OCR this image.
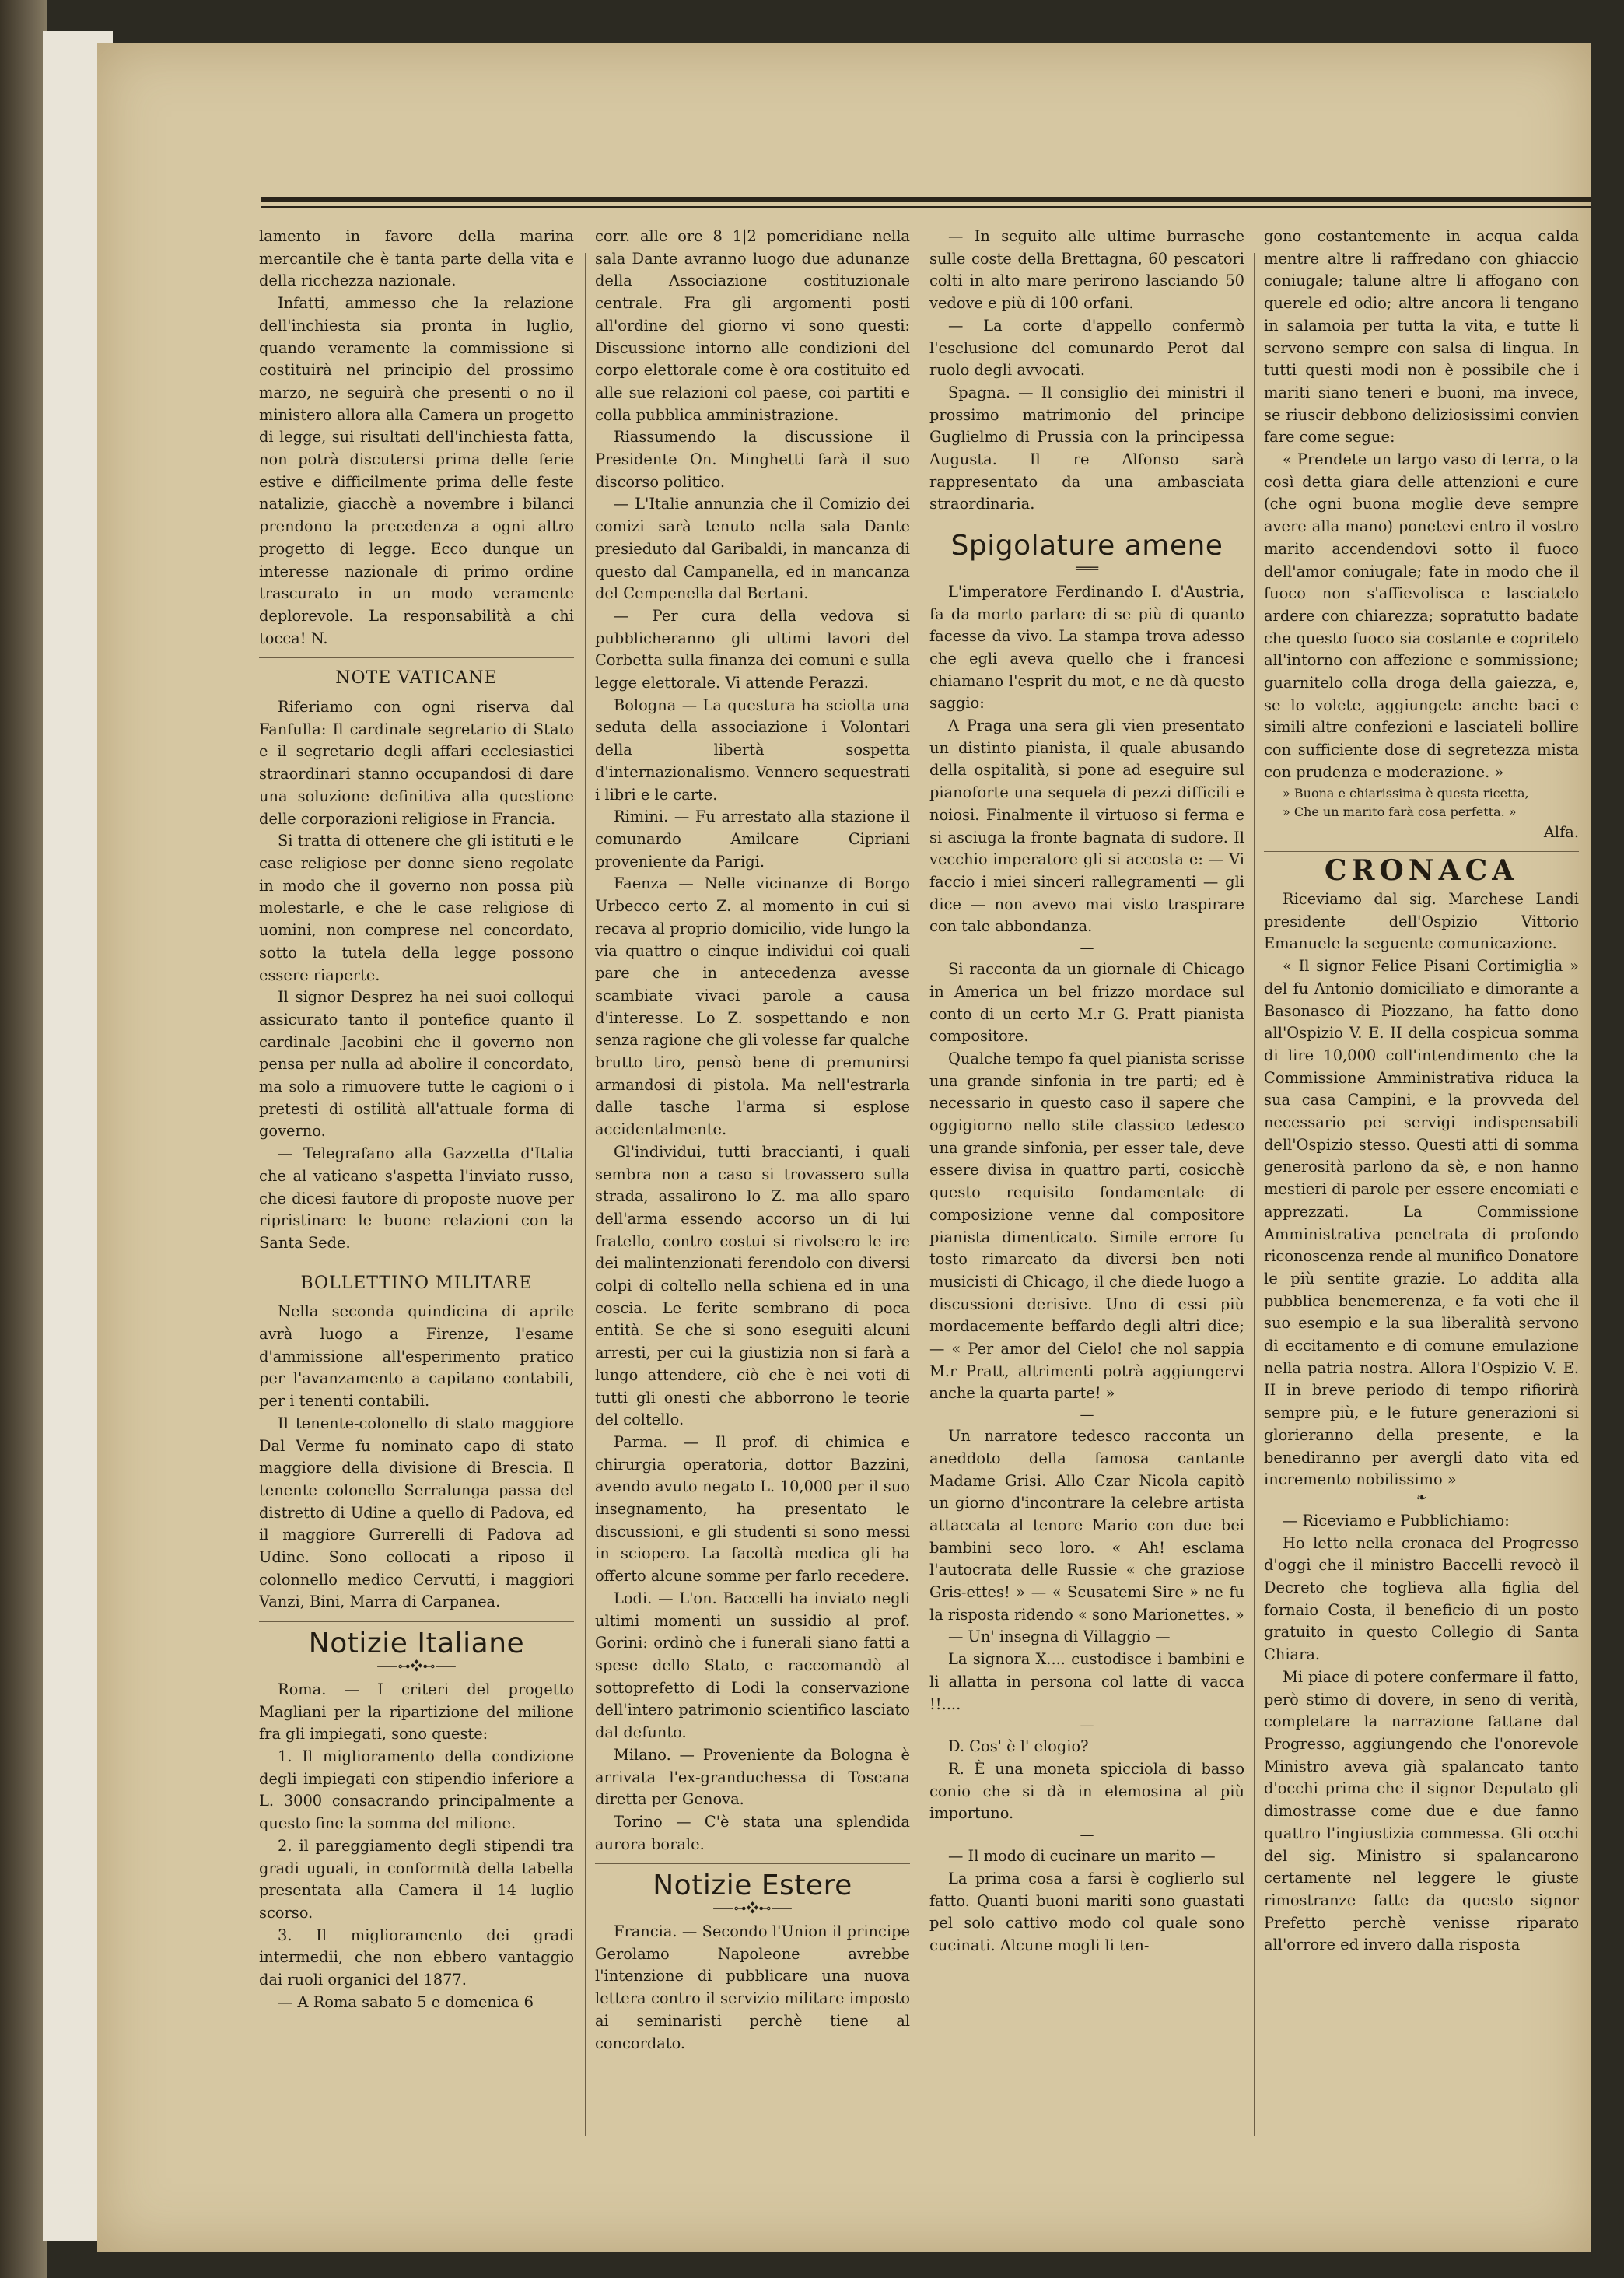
lamento in favore della marina mercantile che è tanta parte della vita e della ricchezza nazionale.

Infatti, ammesso che la relazione dell'inchiesta sia pronta in luglio, quando veramente la commissione si costituirà nel principio del prossimo marzo, ne seguirà che presenti o no il ministero allora alla Camera un progetto di legge, sui risultati dell'inchiesta fatta, non potrà discutersi prima delle ferie estive e difficilmente prima delle feste natalizie, giacchè a novembre i bilanci prendono la precedenza a ogni altro progetto di legge. Ecco dunque un interesse nazionale di primo ordine trascurato in un modo veramente deplorevole. La responsabilità a chi tocca! N.

NOTE VATICANE

Riferiamo con ogni riserva dal Fanfulla: Il cardinale segretario di Stato e il segretario degli affari ecclesiastici straordinari stanno occupandosi di dare una soluzione definitiva alla questione delle corporazioni religiose in Francia.

Si tratta di ottenere che gli istituti e le case religiose per donne sieno regolate in modo che il governo non possa più molestarle, e che le case religiose di uomini, non comprese nel concordato, sotto la tutela della legge possono essere riaperte.

Il signor Desprez ha nei suoi colloqui assicurato tanto il pontefice quanto il cardinale Jacobini che il governo non pensa per nulla ad abolire il concordato, ma solo a rimuovere tutte le cagioni o i pretesti di ostilità all'attuale forma di governo.

— Telegrafano alla Gazzetta d'Italia che al vaticano s'aspetta l'inviato russo, che dicesi fautore di proposte nuove per ripristinare le buone relazioni con la Santa Sede.

BOLLETTINO MILITARE

Nella seconda quindicina di aprile avrà luogo a Firenze, l'esame d'ammissione all'esperimento pratico per l'avanzamento a capitano contabili, per i tenenti contabili.

Il tenente-colonello di stato maggiore Dal Verme fu nominato capo di stato maggiore della divisione di Brescia. Il tenente colonello Serralunga passa del distretto di Udine a quello di Padova, ed il maggiore Gurrerelli di Padova ad Udine. Sono collocati a riposo il colonnello medico Cervutti, i maggiori Vanzi, Bini, Marra di Carpanea.

Notizie Italiane
⸺⊶❖⊷⸺

Roma. — I criteri del progetto Magliani per la ripartizione del milione fra gli impiegati, sono queste:

1. Il miglioramento della condizione degli impiegati con stipendio inferiore a L. 3000 consacrando principalmente a questo fine la somma del milione.

2. il pareggiamento degli stipendi tra gradi uguali, in conformità della tabella presentata alla Camera il 14 luglio scorso.

3. Il miglioramento dei gradi intermedii, che non ebbero vantaggio dai ruoli organici del 1877.

— A Roma sabato 5 e domenica 6

corr. alle ore 8 1|2 pomeridiane nella sala Dante avranno luogo due adunanze della Associazione costituzionale centrale. Fra gli argomenti posti all'ordine del giorno vi sono questi: Discussione intorno alle condizioni del corpo elettorale come è ora costituito ed alle sue relazioni col paese, coi partiti e colla pubblica amministrazione.

Riassumendo la discussione il Presidente On. Minghetti farà il suo discorso politico.

— L'Italie annunzia che il Comizio dei comizi sarà tenuto nella sala Dante presieduto dal Garibaldi, in mancanza di questo dal Campanella, ed in mancanza del Cempenella dal Bertani.

— Per cura della vedova si pubblicheranno gli ultimi lavori del Corbetta sulla finanza dei comuni e sulla legge elettorale. Vi attende Perazzi.

Bologna — La questura ha sciolta una seduta della associazione i Volontari della libertà sospetta d'internazionalismo. Vennero sequestrati i libri e le carte.

Rimini. — Fu arrestato alla stazione il comunardo Amilcare Cipriani proveniente da Parigi.

Faenza — Nelle vicinanze di Borgo Urbecco certo Z. al momento in cui si recava al proprio domicilio, vide lungo la via quattro o cinque individui coi quali pare che in antecedenza avesse scambiate vivaci parole a causa d'interesse. Lo Z. sospettando e non senza ragione che gli volesse far qualche brutto tiro, pensò bene di premunirsi armandosi di pistola. Ma nell'estrarla dalle tasche l'arma si esplose accidentalmente.

Gl'individui, tutti braccianti, i quali sembra non a caso si trovassero sulla strada, assalirono lo Z. ma allo sparo dell'arma essendo accorso un di lui fratello, contro costui si rivolsero le ire dei malintenzionati ferendolo con diversi colpi di coltello nella schiena ed in una coscia. Le ferite sembrano di poca entità. Se che si sono eseguiti alcuni arresti, per cui la giustizia non si farà a lungo attendere, ciò che è nei voti di tutti gli onesti che abborrono le teorie del coltello.

Parma. — Il prof. di chimica e chirurgia operatoria, dottor Bazzini, avendo avuto negato L. 10,000 per il suo insegnamento, ha presentato le discussioni, e gli studenti si sono messi in sciopero. La facoltà medica gli ha offerto alcune somme per farlo recedere.

Lodi. — L'on. Baccelli ha inviato negli ultimi momenti un sussidio al prof. Gorini: ordinò che i funerali siano fatti a spese dello Stato, e raccomandò al sottoprefetto di Lodi la conservazione dell'intero patrimonio scientifico lasciato dal defunto.

Milano. — Proveniente da Bologna è arrivata l'ex-granduchessa di Toscana diretta per Genova.

Torino — C'è stata una splendida aurora borale.

Notizie Estere
⸺⊶❖⊷⸺

Francia. — Secondo l'Union il principe Gerolamo Napoleone avrebbe l'intenzione di pubblicare una nuova lettera contro il servizio militare imposto ai seminaristi perchè tiene al concordato.

— In seguito alle ultime burrasche sulle coste della Brettagna, 60 pescatori colti in alto mare perirono lasciando 50 vedove e più di 100 orfani.

— La corte d'appello confermò l'esclusione del comunardo Perot dal ruolo degli avvocati.

Spagna. — Il consiglio dei ministri il prossimo matrimonio del principe Guglielmo di Prussia con la principessa Augusta. Il re Alfonso sarà rappresentato da una ambasciata straordinaria.

Spigolature amene
═══

L'imperatore Ferdinando I. d'Austria, fa da morto parlare di se più di quanto facesse da vivo. La stampa trova adesso che egli aveva quello che i francesi chiamano l'esprit du mot, e ne dà questo saggio:

A Praga una sera gli vien presentato un distinto pianista, il quale abusando della ospitalità, si pone ad eseguire sul pianoforte una sequela di pezzi difficili e noiosi. Finalmente il virtuoso si ferma e si asciuga la fronte bagnata di sudore. Il vecchio imperatore gli si accosta e: — Vi faccio i miei sinceri rallegramenti — gli dice — non avevo mai visto traspirare con tale abbondanza.

—

Si racconta da un giornale di Chicago in America un bel frizzo mordace sul conto di un certo M.r G. Pratt pianista compositore.

Qualche tempo fa quel pianista scrisse una grande sinfonia in tre parti; ed è necessario in questo caso il sapere che oggigiorno nello stile classico tedesco una grande sinfonia, per esser tale, deve essere divisa in quattro parti, cosicchè questo requisito fondamentale di composizione venne dal compositore pianista dimenticato. Simile errore fu tosto rimarcato da diversi ben noti musicisti di Chicago, il che diede luogo a discussioni derisive. Uno di essi più mordacemente beffardo degli altri dice; — « Per amor del Cielo! che nol sappia M.r Pratt, altrimenti potrà aggiungervi anche la quarta parte! »

—

Un narratore tedesco racconta un aneddoto della famosa cantante Madame Grisi. Allo Czar Nicola capitò un giorno d'incontrare la celebre artista attaccata al tenore Mario con due bei bambini seco loro. « Ah! esclama l'autocrata delle Russie « che graziose Gris-ettes! » — « Scusatemi Sire » ne fu la risposta ridendo « sono Marionettes. »

— Un' insegna di Villaggio —

La signora X.... custodisce i bambini e li allatta in persona col latte di vacca !!....

—

D. Cos' è l' elogio?

R. È una moneta spicciola di basso conio che si dà in elemosina al più importuno.

—

— Il modo di cucinare un marito —

La prima cosa a farsi è coglierlo sul fatto. Quanti buoni mariti sono guastati pel solo cattivo modo col quale sono cucinati. Alcune mogli li ten-

gono costantemente in acqua calda mentre altre li raffredano con ghiaccio coniugale; talune altre li affogano con querele ed odio; altre ancora li tengano in salamoia per tutta la vita, e tutte li servono sempre con salsa di lingua. In tutti questi modi non è possibile che i mariti siano teneri e buoni, ma invece, se riuscir debbono deliziosissimi convien fare come segue:

« Prendete un largo vaso di terra, o la così detta giara delle attenzioni e cure (che ogni buona moglie deve sempre avere alla mano) ponetevi entro il vostro marito accendendovi sotto il fuoco dell'amor coniugale; fate in modo che il fuoco non s'affievolisca e lasciatelo ardere con chiarezza; sopratutto badate che questo fuoco sia costante e copritelo all'intorno con affezione e sommissione; guarnitelo colla droga della gaiezza, e, se lo volete, aggiungete anche baci e simili altre confezioni e lasciateli bollire con sufficiente dose di segretezza mista con prudenza e moderazione. »

» Buona e chiarissima è questa ricetta,

» Che un marito farà cosa perfetta. »

Alfa.

CRONACA

Riceviamo dal sig. Marchese Landi presidente dell'Ospizio Vittorio Emanuele la seguente comunicazione.

« Il signor Felice Pisani Cortimiglia » del fu Antonio domiciliato e dimorante a Basonasco di Piozzano, ha fatto dono all'Ospizio V. E. II della cospicua somma di lire 10,000 coll'intendimento che la Commissione Amministrativa riduca la sua casa Campini, e la provveda del necessario pei servigi indispensabili dell'Ospizio stesso. Questi atti di somma generosità parlono da sè, e non hanno mestieri di parole per essere encomiati e apprezzati. La Commissione Amministrativa penetrata di profondo riconoscenza rende al munifico Donatore le più sentite grazie. Lo addita alla pubblica benemerenza, e fa voti che il suo esempio e la sua liberalità servono di eccitamento e di comune emulazione nella patria nostra. Allora l'Ospizio V. E. II in breve periodo di tempo rifiorirà sempre più, e le future generazioni si glorieranno della presente, e la benediranno per avergli dato vita ed incremento nobilissimo »

❧

— Riceviamo e Pubblichiamo:

Ho letto nella cronaca del Progresso d'oggi che il ministro Baccelli revocò il Decreto che toglieva alla figlia del fornaio Costa, il beneficio di un posto gratuito in questo Collegio di Santa Chiara.

Mi piace di potere confermare il fatto, però stimo di dovere, in seno di verità, completare la narrazione fattane dal Progresso, aggiungendo che l'onorevole Ministro aveva già spalancato tanto d'occhi prima che il signor Deputato gli dimostrasse come due e due fanno quattro l'ingiustizia commessa. Gli occhi del sig. Ministro si spalancarono certamente nel leggere le giuste rimostranze fatte da questo signor Prefetto perchè venisse riparato all'orrore ed invero dalla risposta
